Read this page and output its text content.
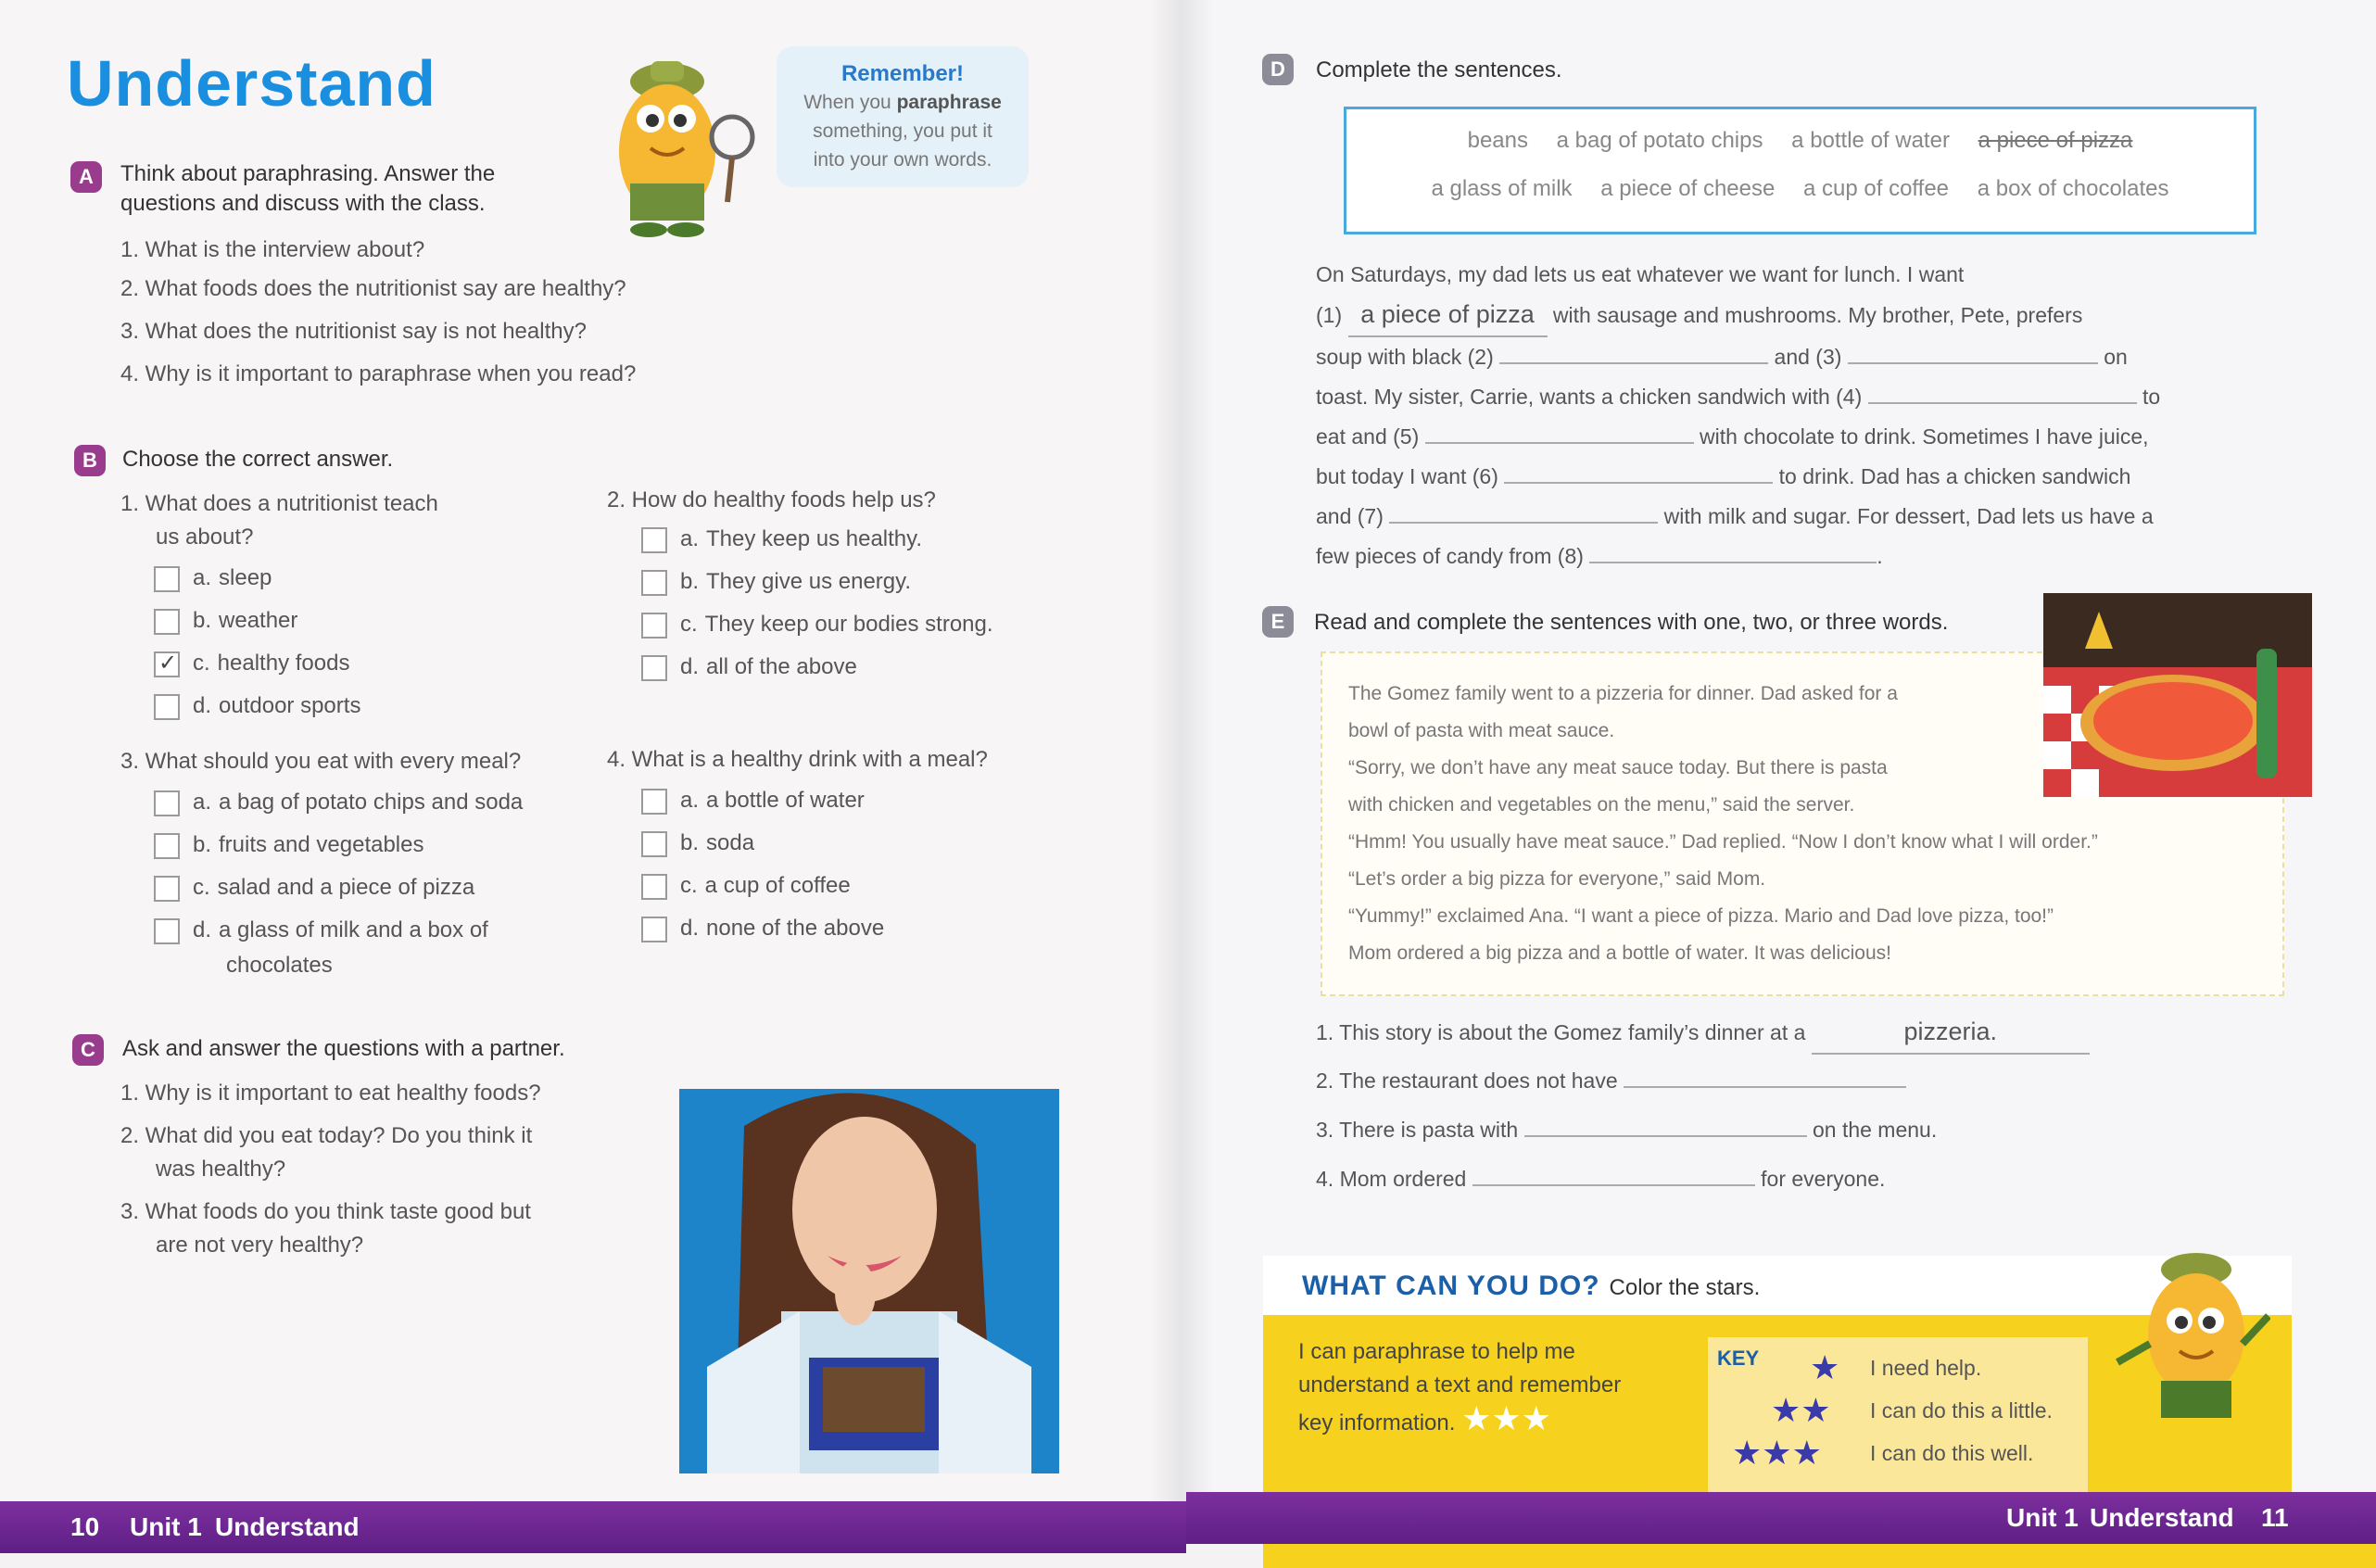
Understand	Remember!
When you paraphrase
something, you put it
into your own words.
A	Think about paraphrasing. Answer the
questions and discuss with the class.
1. What is the interview about?
2. What foods does the nutritionist say are healthy?
3. What does the nutritionist say is not healthy?
4. Why is it important to paraphrase when you read?
B	Choose the correct answer.
1. What does a nutritionist teach
us about?
a. sleep
b. weather
✓c. healthy foods
d. outdoor sports
2. How do healthy foods help us?
a. They keep us healthy.
b. They give us energy.
c. They keep our bodies strong.
d. all of the above
3. What should you eat with every meal?
a. a bag of potato chips and soda
b. fruits and vegetables
c. salad and a piece of pizza
d. a glass of milk and a box of
chocolates
4. What is a healthy drink with a meal?
a. a bottle of water
b. soda
c. a cup of coffee
d. none of the above
C	Ask and answer the questions with a partner.
1. Why is it important to eat healthy foods?
2. What did you eat today? Do you think it
was healthy?
3. What foods do you think taste good but
are not very healthy?
D	Complete the sentences.
beans a bag of potato chips a bottle of water a piece of pizza
a glass of milk a piece of cheese a cup of coffee a box of chocolates
On Saturdays, my dad lets us eat whatever we want for lunch. I want
(1) a piece of pizza with sausage and mushrooms. My brother, Pete, prefers
soup with black (2)	and (3)	on
toast. My sister, Carrie, wants a chicken sandwich with (4)	to
eat and (5)	with chocolate to drink. Sometimes I have juice,
but today I want (6)	to drink. Dad has a chicken sandwich
and (7)	with milk and sugar. For dessert, Dad lets us have a
few pieces of candy from (8)	.
E	Read and complete the sentences with one, two, or three words.

The Gomez family went to a pizzeria for dinner. Dad asked for a

bowl of pasta with meat sauce.

“Sorry, we don’t have any meat sauce today. But there is pasta

with chicken and vegetables on the menu,” said the server.

“Hmm! You usually have meat sauce.” Dad replied. “Now I don’t know what I will order.”

“Let’s order a big pizza for everyone,” said Mom.

“Yummy!” exclaimed Ana. “I want a piece of pizza. Mario and Dad love pizza, too!”

Mom ordered a big pizza and a bottle of water. It was delicious!

1. This story is about the Gomez family’s dinner at a	pizzeria.
2. The restaurant does not have
3. There is pasta with	on the menu.
4. Mom ordered	for everyone.
WHAT CAN YOU DO? Color the stars.
I can paraphrase to help me
understand a text and remember
key information. ★★★
KEY ★ I need help.
★★ I can do this a little.
★★★ I can do this well.
10 Unit 1 Understand	Unit 1 Understand 11
